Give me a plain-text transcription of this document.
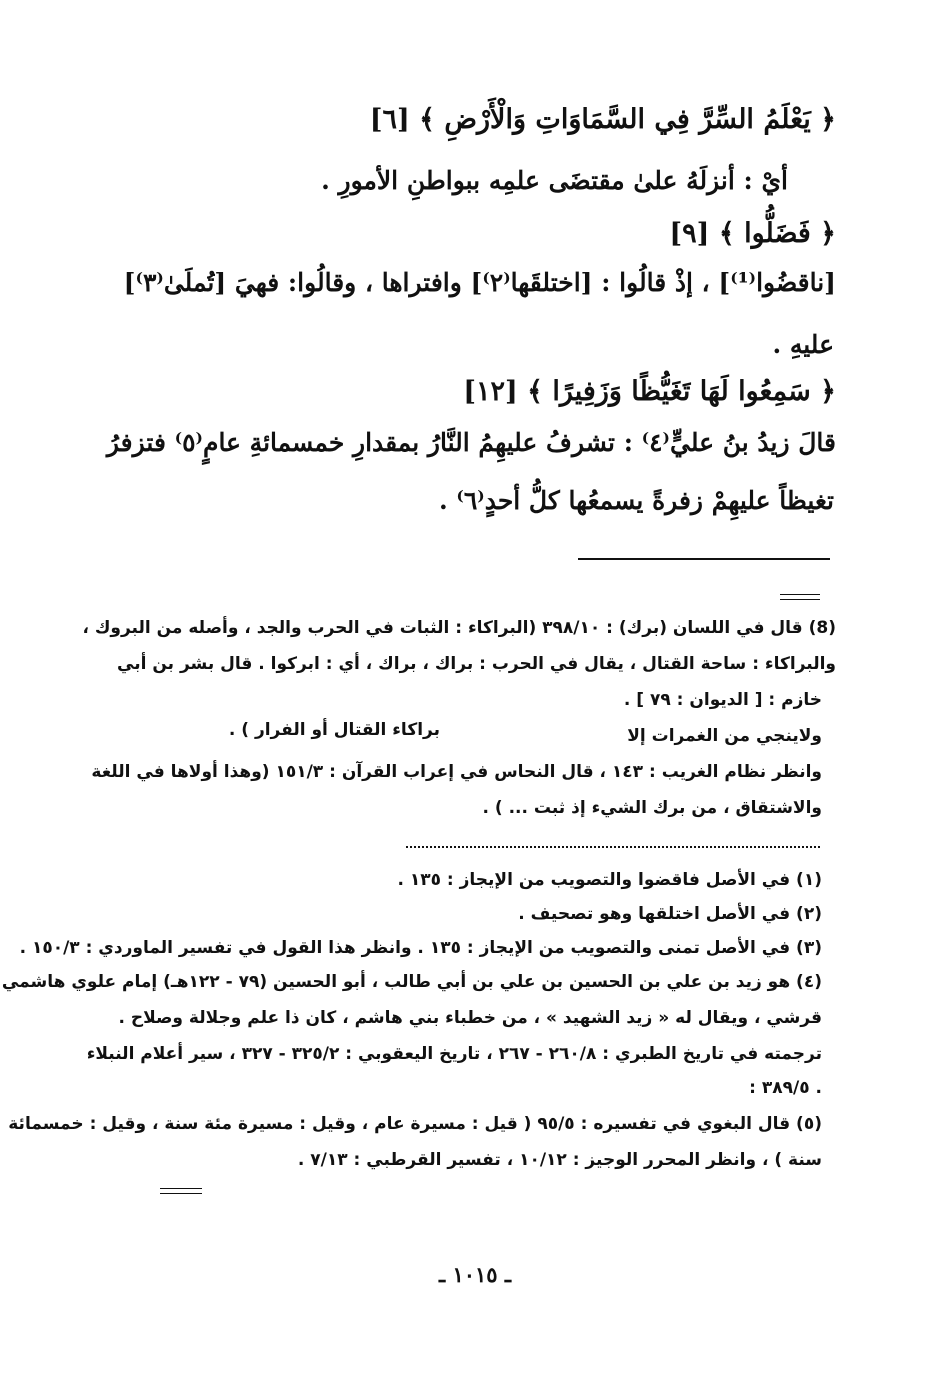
﴿ يَعْلَمُ السِّرَّ فِي السَّمَاوَاتِ وَالْأَرْضِ ﴾ [٦]
أيْ : أنزلَهُ علىٰ مقتضَى علمِه ببواطنِ الأمورِ .
﴿ فَضَلُّوا ﴾ [٩]
[ناقضُوا⁽¹⁾] ، إذْ قالُوا : [اختلقَها⁽٢⁾] وافتراها ، وقالُوا: فهيَ [تُملَىٰ⁽٣⁾]
عليهِ .
﴿ سَمِعُوا لَهَا تَغَيُّظًا وَزَفِيرًا ﴾ [١٢]
قالَ زيدُ بنُ عليٍّ⁽٤⁾ : تشرفُ عليهِمُ النَّارُ بمقدارِ خمسمائةِ عامٍ⁽٥⁾ فتزفرُ
تغيظاً عليهِمْ زفرةً يسمعُها كلُّ أحدٍ⁽٦⁾ .
(8) قال في اللسان (برك) : ٣٩٨/١٠ (البراكاء : الثبات في الحرب والجد ، وأصله من البروك ،
والبراكاء : ساحة القتال ، يقال في الحرب : براك ، براك ، أي : ابركوا . قال بشر بن أبي
خازم : [ الديوان : ٧٩ ] .
ولاينجي من الغمرات إلا
براكاء القتال أو الفرار ) .
وانظر نظام الغريب : ١٤٣ ، قال النحاس في إعراب القرآن : ١٥١/٣ (وهذا أولاها في اللغة
والاشتقاق ، من برك الشيء إذ ثبت ... ) .
(١) في الأصل فاقضوا والتصويب من الإيجاز : ١٣٥ .
(٢) في الأصل اختلقها وهو تصحيف .
(٣) في الأصل تمنى والتصويب من الإيجاز : ١٣٥ . وانظر هذا القول في تفسير الماوردي : ١٥٠/٣ .
(٤) هو زيد بن علي بن الحسين بن علي بن أبي طالب ، أبو الحسين (٧٩ - ١٢٢هـ) إمام علوي هاشمي
قرشي ، ويقال له « زيد الشهيد » ، من خطباء بني هاشم ، كان ذا علم وجلالة وصلاح .
ترجمته في تاريخ الطبري : ٢٦٠/٨ - ٢٦٧ ، تاريخ اليعقوبي : ٣٢٥/٢ - ٣٢٧ ، سير أعلام النبلاء
: ٣٨٩/٥ .
(٥) قال البغوي في تفسيره : ٩٥/٥ ( قيل : مسيرة عام ، وقيل : مسيرة مئة سنة ، وقيل : خمسمائة
سنة ) ، وانظر المحرر الوجيز : ١٠/١٢ ، تفسير القرطبي : ٧/١٣ .
ـ ١٠١٥ ـ
